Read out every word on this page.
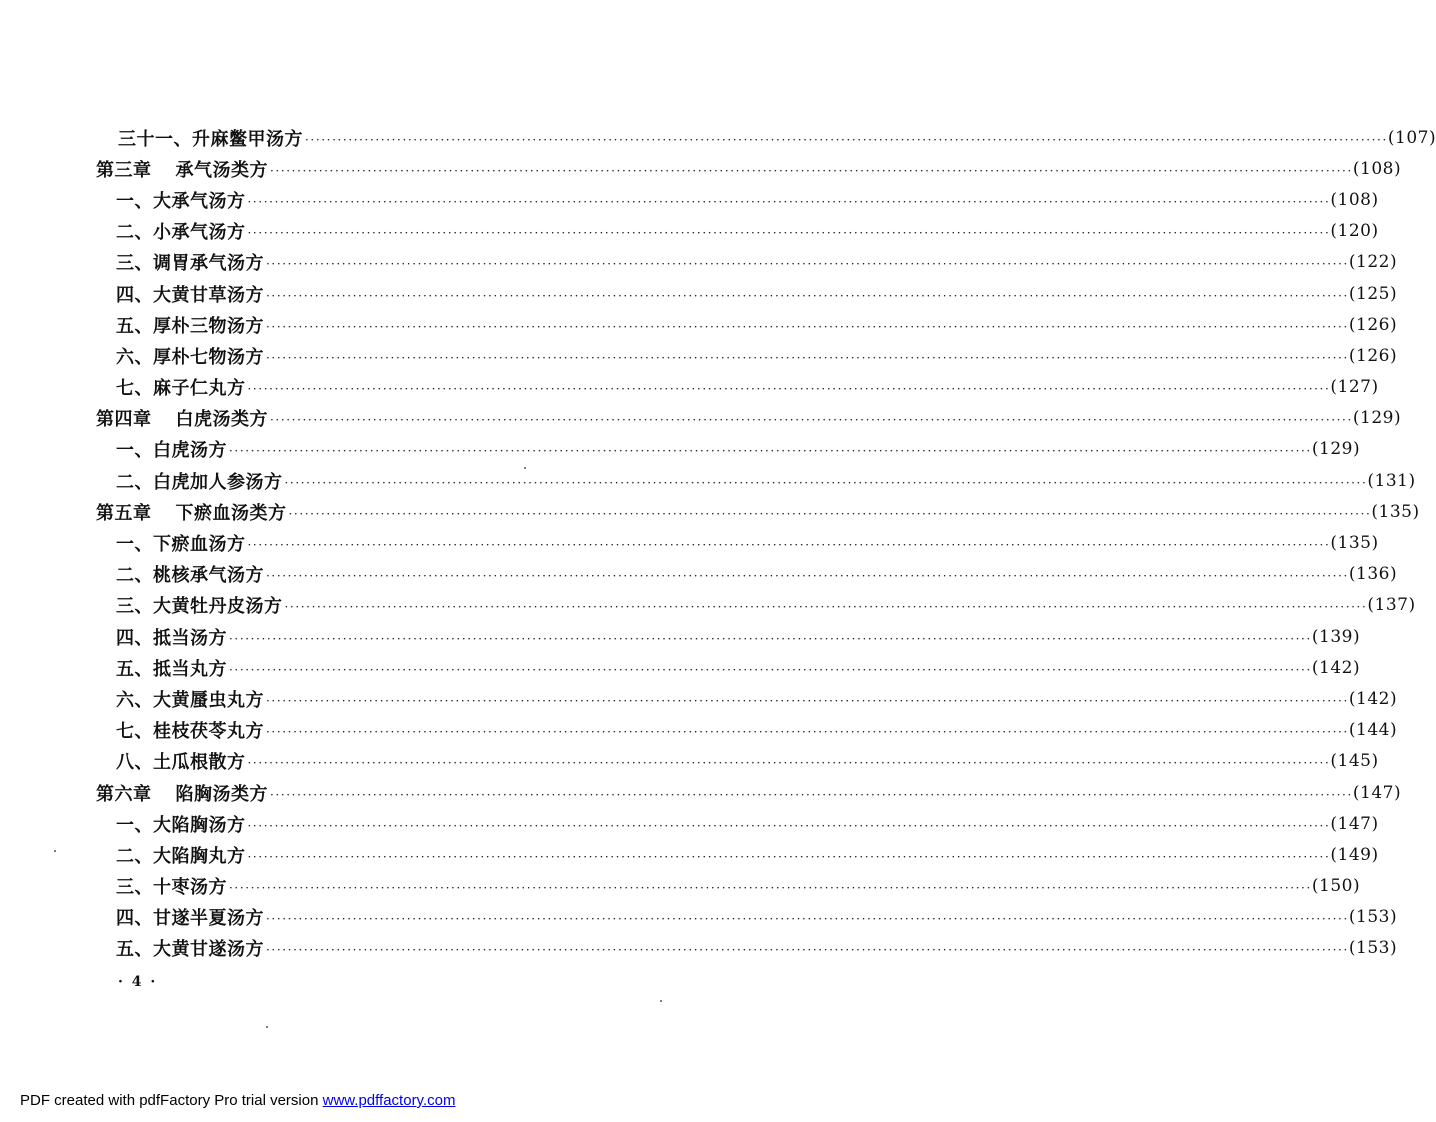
三十一、升麻鳖甲汤方 ········································································································································································································ (107)
第三章 承气汤类方 ········································································································································································································ (108)
一、大承气汤方 ········································································································································································································ (108)
二、小承气汤方 ········································································································································································································ (120)
三、调胃承气汤方 ········································································································································································································ (122)
四、大黄甘草汤方 ········································································································································································································ (125)
五、厚朴三物汤方 ········································································································································································································ (126)
六、厚朴七物汤方 ········································································································································································································ (126)
七、麻子仁丸方 ········································································································································································································ (127)
第四章 白虎汤类方 ········································································································································································································ (129)
一、白虎汤方 ········································································································································································································ (129)
二、白虎加人参汤方 ········································································································································································································ (131)
第五章 下瘀血汤类方 ········································································································································································································ (135)
一、下瘀血汤方 ········································································································································································································ (135)
二、桃核承气汤方 ········································································································································································································ (136)
三、大黄牡丹皮汤方 ········································································································································································································ (137)
四、抵当汤方 ········································································································································································································ (139)
五、抵当丸方 ········································································································································································································ (142)
六、大黄蜃虫丸方 ········································································································································································································ (142)
七、桂枝茯苓丸方 ········································································································································································································ (144)
八、土瓜根散方 ········································································································································································································ (145)
第六章 陷胸汤类方 ········································································································································································································ (147)
一、大陷胸汤方 ········································································································································································································ (147)
二、大陷胸丸方 ········································································································································································································ (149)
三、十枣汤方 ········································································································································································································ (150)
四、甘遂半夏汤方 ········································································································································································································ (153)
五、大黄甘遂汤方 ········································································································································································································ (153)
· 4 ·
PDF created with pdfFactory Pro trial version www.pdffactory.com
